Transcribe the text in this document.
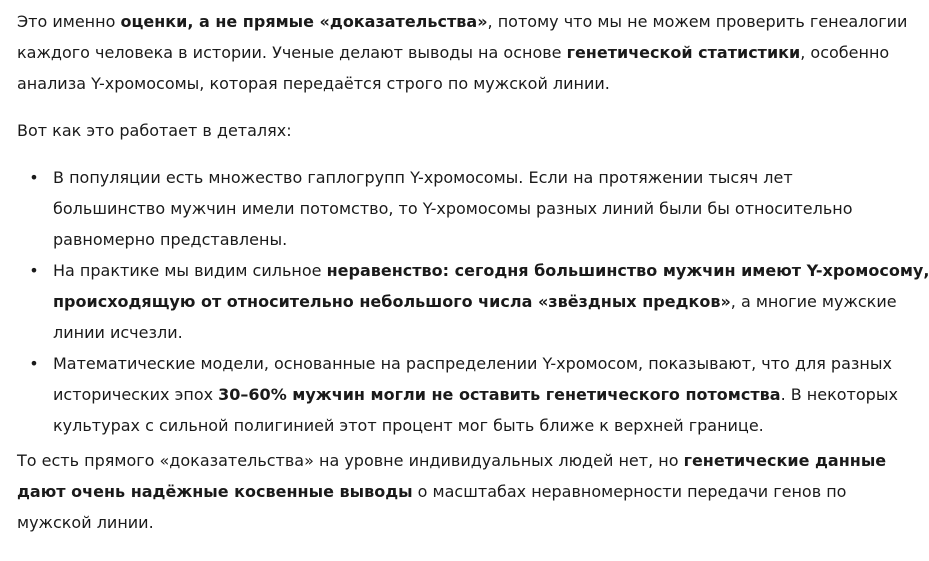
Это именно оценки, а не прямые «доказательства», потому что мы не можем проверить генеалогии
каждого человека в истории. Ученые делают выводы на основе генетической статистики, особенно
анализа Y-хромосомы, которая передаётся строго по мужской линии.

Вот как это работает в деталях:

• В популяции есть множество гаплогрупп Y-хромосомы. Если на протяжении тысяч лет
большинство мужчин имели потомство, то Y-хромосомы разных линий были бы относительно
равномерно представлены.
• На практике мы видим сильное неравенство: сегодня большинство мужчин имеют Y-хромосому,
происходящую от относительно небольшого числа «звёздных предков», а многие мужские
линии исчезли.
• Математические модели, основанные на распределении Y-хромосом, показывают, что для разных
исторических эпох 30–60% мужчин могли не оставить генетического потомства. В некоторых
культурах с сильной полигинией этот процент мог быть ближе к верхней границе.

То есть прямого «доказательства» на уровне индивидуальных людей нет, но генетические данные
дают очень надёжные косвенные выводы о масштабах неравномерности передачи генов по
мужской линии.
